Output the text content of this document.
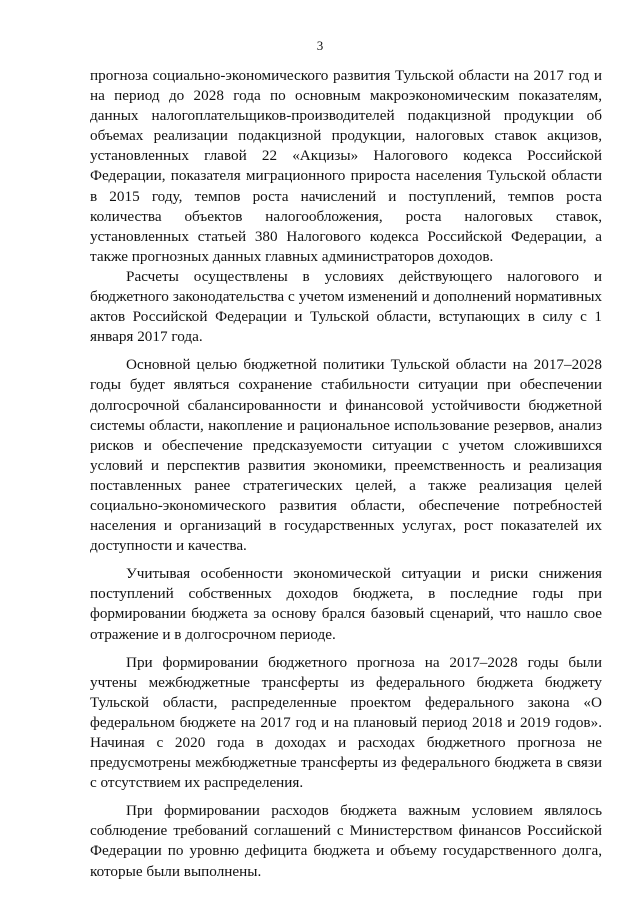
3

прогноза социально-экономического развития Тульской области на 2017 год и на период до 2028 года по основным макроэкономическим показателям, данных налогоплательщиков-производителей подакцизной продукции об объемах реализации подакцизной продукции, налоговых ставок акцизов, установленных главой 22 «Акцизы» Налогового кодекса Российской Федерации, показателя миграционного прироста населения Тульской области в 2015 году, темпов роста начислений и поступлений, темпов роста количества объектов налогообложения, роста налоговых ставок, установленных статьей 380 Налогового кодекса Российской Федерации, а также прогнозных данных главных администраторов доходов.

Расчеты осуществлены в условиях действующего налогового и бюджетного законодательства с учетом изменений и дополнений нормативных актов Российской Федерации и Тульской области, вступающих в силу с 1 января 2017 года.

Основной целью бюджетной политики Тульской области на 2017–2028 годы будет являться сохранение стабильности ситуации при обеспечении долгосрочной сбалансированности и финансовой устойчивости бюджетной системы области, накопление и рациональное использование резервов, анализ рисков и обеспечение предсказуемости ситуации с учетом сложившихся условий и перспектив развития экономики, преемственность и реализация поставленных ранее стратегических целей, а также реализация целей социально-экономического развития области, обеспечение потребностей населения и организаций в государственных услугах, рост показателей их доступности и качества.

Учитывая особенности экономической ситуации и риски снижения поступлений собственных доходов бюджета, в последние годы при формировании бюджета за основу брался базовый сценарий, что нашло свое отражение и в долгосрочном периоде.

При формировании бюджетного прогноза на 2017–2028 годы были учтены межбюджетные трансферты из федерального бюджета бюджету Тульской области, распределенные проектом федерального закона «О федеральном бюджете на 2017 год и на плановый период 2018 и 2019 годов». Начиная с 2020 года в доходах и расходах бюджетного прогноза не предусмотрены межбюджетные трансферты из федерального бюджета в связи с отсутствием их распределения.

При формировании расходов бюджета важным условием являлось соблюдение требований соглашений с Министерством финансов Российской Федерации по уровню дефицита бюджета и объему государственного долга, которые были выполнены.
